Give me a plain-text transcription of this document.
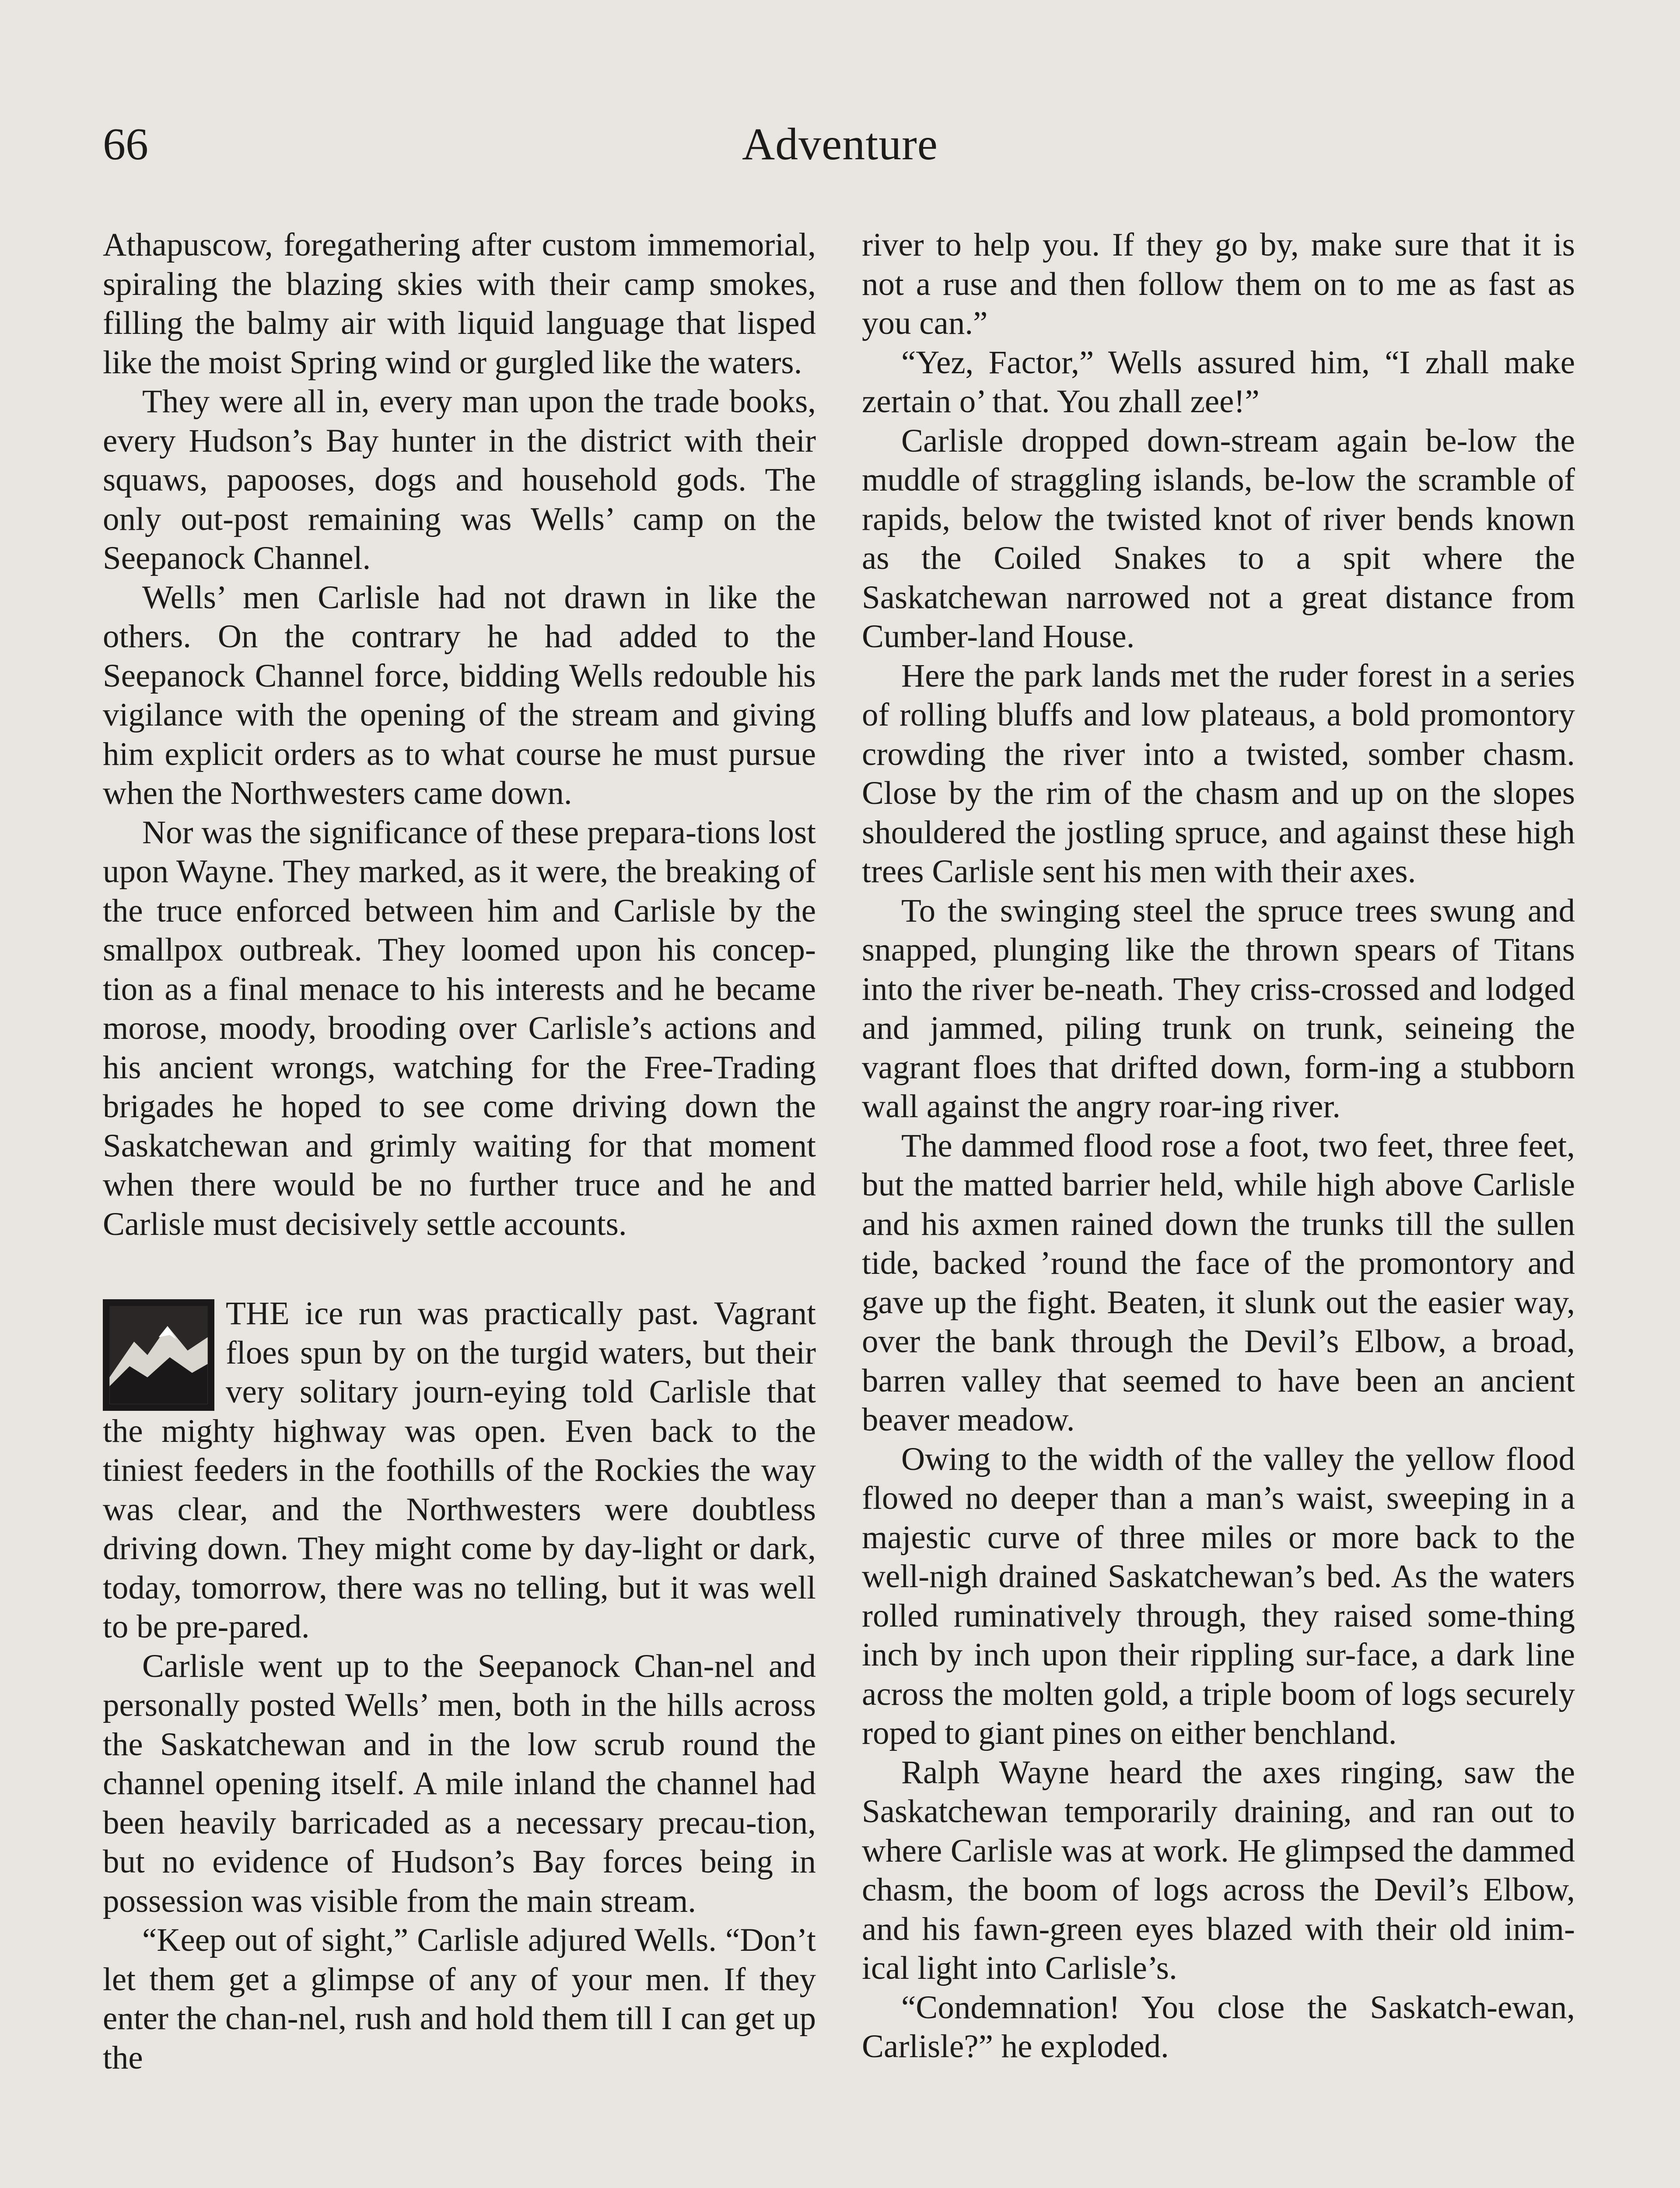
66	Adventure

Athapuscow, foregathering after custom immemorial, spiraling the blazing skies with their camp smokes, filling the balmy air with liquid language that lisped like the moist Spring wind or gurgled like the waters.

They were all in, every man upon the trade books, every Hudson’s Bay hunter in the district with their squaws, papooses, dogs and household gods. The only out-post remaining was Wells’ camp on the Seepanock Channel.

Wells’ men Carlisle had not drawn in like the others. On the contrary he had added to the Seepanock Channel force, bidding Wells redouble his vigilance with the opening of the stream and giving him explicit orders as to what course he must pursue when the Northwesters came down.

Nor was the significance of these prepara-tions lost upon Wayne. They marked, as it were, the breaking of the truce enforced between him and Carlisle by the smallpox outbreak. They loomed upon his concep-tion as a final menace to his interests and he became morose, moody, brooding over Carlisle’s actions and his ancient wrongs, watching for the Free-Trading brigades he hoped to see come driving down the Saskatchewan and grimly waiting for that moment when there would be no further truce and he and Carlisle must decisively settle accounts.

THE ice run was practically past. Vagrant floes spun by on the turgid waters, but their very solitary journ-eying told Carlisle that the mighty highway was open. Even back to the tiniest feeders in the foothills of the Rockies the way was clear, and the Northwesters were doubtless driving down. They might come by day-light or dark, today, tomorrow, there was no telling, but it was well to be pre-pared.

Carlisle went up to the Seepanock Chan-nel and personally posted Wells’ men, both in the hills across the Saskatchewan and in the low scrub round the channel opening itself. A mile inland the channel had been heavily barricaded as a necessary precau-tion, but no evidence of Hudson’s Bay forces being in possession was visible from the main stream.

“Keep out of sight,” Carlisle adjured Wells. “Don’t let them get a glimpse of any of your men. If they enter the chan-nel, rush and hold them till I can get up the

river to help you. If they go by, make sure that it is not a ruse and then follow them on to me as fast as you can.”

“Yez, Factor,” Wells assured him, “I zhall make zertain o’ that. You zhall zee!”

Carlisle dropped down-stream again be-low the muddle of straggling islands, be-low the scramble of rapids, below the twisted knot of river bends known as the Coiled Snakes to a spit where the Saskatchewan narrowed not a great distance from Cumber-land House.

Here the park lands met the ruder forest in a series of rolling bluffs and low plateaus, a bold promontory crowding the river into a twisted, somber chasm. Close by the rim of the chasm and up on the slopes shouldered the jostling spruce, and against these high trees Carlisle sent his men with their axes.

To the swinging steel the spruce trees swung and snapped, plunging like the thrown spears of Titans into the river be-neath. They criss-crossed and lodged and jammed, piling trunk on trunk, seineing the vagrant floes that drifted down, form-ing a stubborn wall against the angry roar-ing river.

The dammed flood rose a foot, two feet, three feet, but the matted barrier held, while high above Carlisle and his axmen rained down the trunks till the sullen tide, backed ’round the face of the promontory and gave up the fight. Beaten, it slunk out the easier way, over the bank through the Devil’s Elbow, a broad, barren valley that seemed to have been an ancient beaver meadow.

Owing to the width of the valley the yellow flood flowed no deeper than a man’s waist, sweeping in a majestic curve of three miles or more back to the well-nigh drained Saskatchewan’s bed. As the waters rolled ruminatively through, they raised some-thing inch by inch upon their rippling sur-face, a dark line across the molten gold, a triple boom of logs securely roped to giant pines on either benchland.

Ralph Wayne heard the axes ringing, saw the Saskatchewan temporarily draining, and ran out to where Carlisle was at work. He glimpsed the dammed chasm, the boom of logs across the Devil’s Elbow, and his fawn-green eyes blazed with their old inim-ical light into Carlisle’s.

“Condemnation! You close the Saskatch-ewan, Carlisle?” he exploded.
